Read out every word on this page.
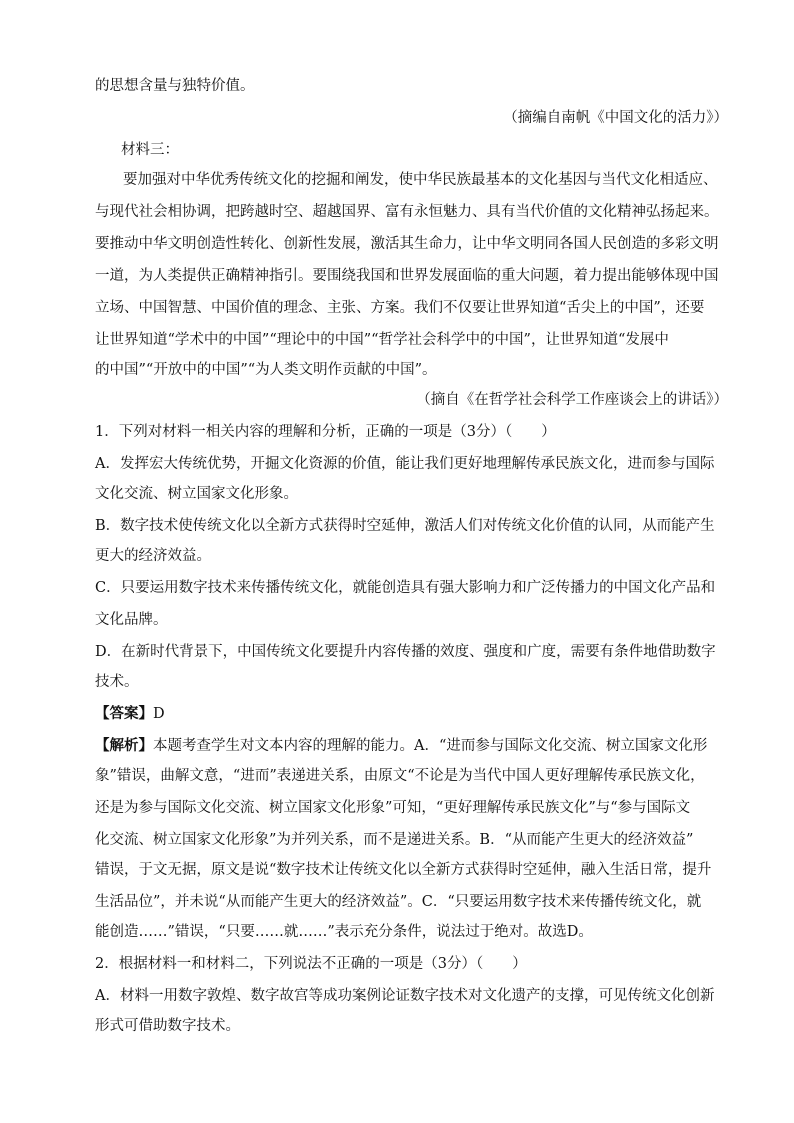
的思想含量与独特价值。
（摘编自南帆《中国文化的活力》）
材料三：
要加强对中华优秀传统文化的挖掘和阐发，使中华民族最基本的文化基因与当代文化相适应、
与现代社会相协调，把跨越时空、超越国界、富有永恒魅力、具有当代价值的文化精神弘扬起来。
要推动中华文明创造性转化、创新性发展，激活其生命力，让中华文明同各国人民创造的多彩文明
一道，为人类提供正确精神指引。要围绕我国和世界发展面临的重大问题，着力提出能够体现中国
立场、中国智慧、中国价值的理念、主张、方案。我们不仅要让世界知道“舌尖上的中国”，还要
让世界知道“学术中的中国”“理论中的中国”“哲学社会科学中的中国”，让世界知道“发展中
的中国”“开放中的中国”“为人类文明作贡献的中国”。
（摘自《在哲学社会科学工作座谈会上的讲话》）
1．下列对材料一相关内容的理解和分析，正确的一项是（3分）（　　）
A．发挥宏大传统优势，开掘文化资源的价值，能让我们更好地理解传承民族文化，进而参与国际
文化交流、树立国家文化形象。
B．数字技术使传统文化以全新方式获得时空延伸，激活人们对传统文化价值的认同，从而能产生
更大的经济效益。
C．只要运用数字技术来传播传统文化，就能创造具有强大影响力和广泛传播力的中国文化产品和
文化品牌。
D．在新时代背景下，中国传统文化要提升内容传播的效度、强度和广度，需要有条件地借助数字
技术。
【答案】D
【解析】本题考查学生对文本内容的理解的能力。A．“进而参与国际文化交流、树立国家文化形
象”错误，曲解文意，“进而”表递进关系，由原文“不论是为当代中国人更好理解传承民族文化，
还是为参与国际文化交流、树立国家文化形象”可知，“更好理解传承民族文化”与“参与国际文
化交流、树立国家文化形象”为并列关系，而不是递进关系。B．“从而能产生更大的经济效益”
错误，于文无据，原文是说“数字技术让传统文化以全新方式获得时空延伸，融入生活日常，提升
生活品位”，并未说“从而能产生更大的经济效益”。C．“只要运用数字技术来传播传统文化，就
能创造……”错误，“只要……就……”表示充分条件，说法过于绝对。故选D。
2．根据材料一和材料二，下列说法不正确的一项是（3分）（　　）
A．材料一用数字敦煌、数字故宫等成功案例论证数字技术对文化遗产的支撑，可见传统文化创新
形式可借助数字技术。
